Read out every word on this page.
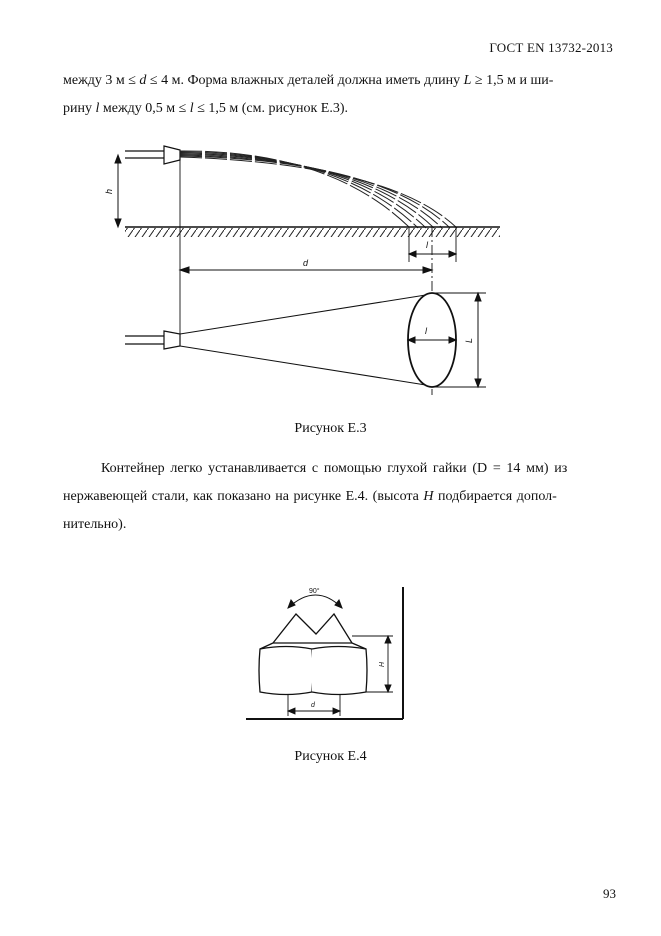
ГОСТ EN 13732-2013
между 3 м ≤ d ≤ 4 м. Форма влажных деталей должна иметь длину L ≥ 1,5 м и ши-
рину l между 0,5 м ≤ l ≤ 1,5 м (см. рисунок Е.3).
h
l
d
l
L
Рисунок Е.3
Контейнер легко устанавливается с помощью глухой гайки (D = 14 мм) из
нержавеющей стали, как показано на рисунке Е.4. (высота H подбирается допол-
нительно).
90°
H
d
Рисунок Е.4
93
